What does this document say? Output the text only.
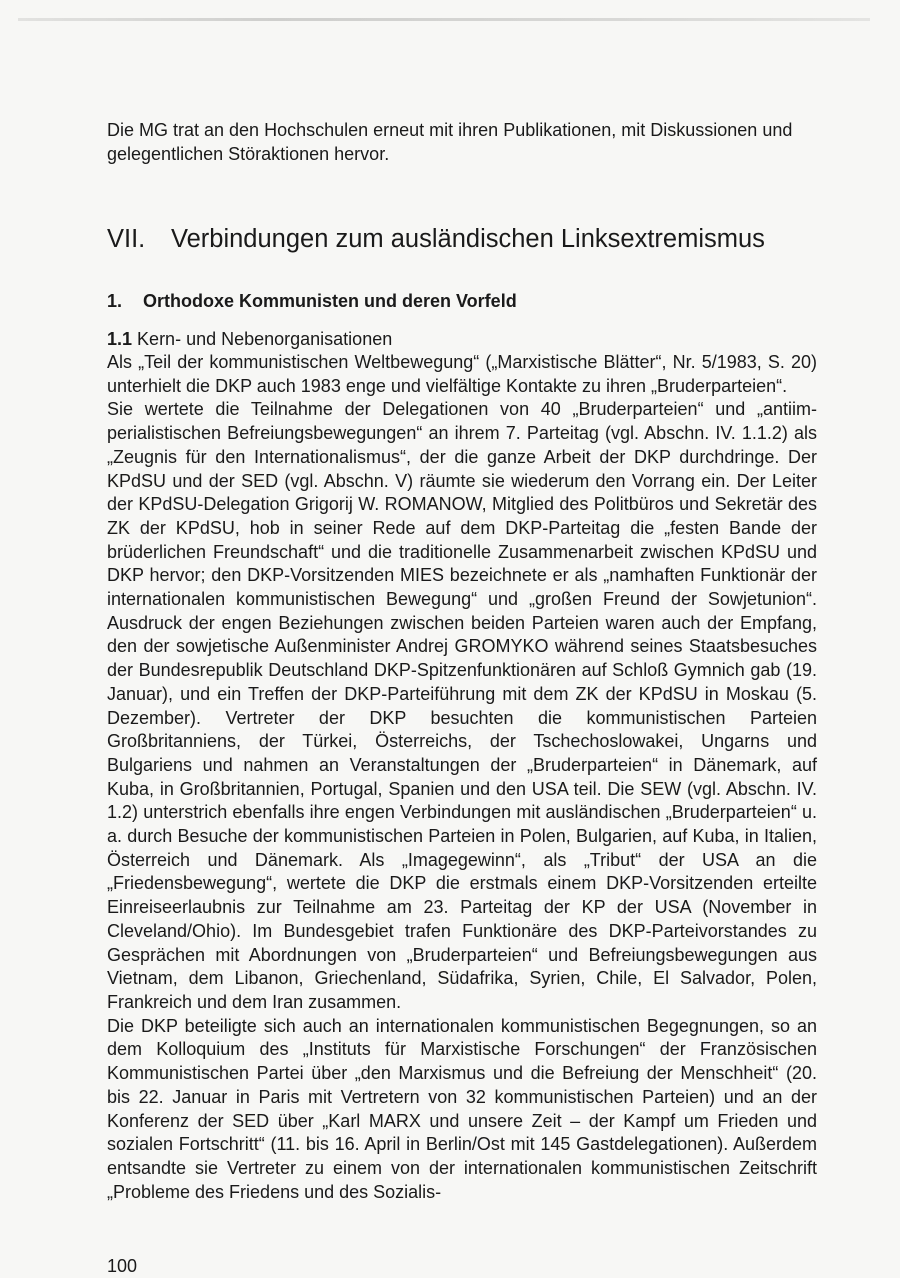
Die MG trat an den Hochschulen erneut mit ihren Publikationen, mit Diskussionen und gelegentlichen Störaktionen hervor.
VII. Verbindungen zum ausländischen Linksextremismus
1. Orthodoxe Kommunisten und deren Vorfeld
1.1 Kern- und Nebenorganisationen

Als „Teil der kommunistischen Weltbewegung“ („Marxistische Blätter“, Nr. 5/1983, S. 20) unterhielt die DKP auch 1983 enge und vielfältige Kontakte zu ihren „Bruderparteien“.

Sie wertete die Teilnahme der Delegationen von 40 „Bruderparteien“ und „antiimperialistischen Befreiungsbewegungen“ an ihrem 7. Parteitag (vgl. Abschn. IV. 1.1.2) als „Zeugnis für den Internationalismus“, der die ganze Arbeit der DKP durchdringe. Der KPdSU und der SED (vgl. Abschn. V) räumte sie wiederum den Vorrang ein. Der Leiter der KPdSU-Delegation Grigorij W. ROMANOW, Mitglied des Politbüros und Sekretär des ZK der KPdSU, hob in seiner Rede auf dem DKP-Parteitag die „festen Bande der brüderlichen Freundschaft“ und die traditionelle Zusammenarbeit zwischen KPdSU und DKP hervor; den DKP-Vorsitzenden MIES bezeichnete er als „namhaften Funktionär der internationalen kommunistischen Bewegung“ und „großen Freund der Sowjetunion“. Ausdruck der engen Beziehungen zwischen beiden Parteien waren auch der Empfang, den der sowjetische Außenminister Andrej GROMYKO während seines Staatsbesuches der Bundesrepublik Deutschland DKP-Spitzenfunktionären auf Schloß Gymnich gab (19. Januar), und ein Treffen der DKP-Parteiführung mit dem ZK der KPdSU in Moskau (5. Dezember). Vertreter der DKP besuchten die kommunistischen Parteien Großbritanniens, der Türkei, Österreichs, der Tschechoslowakei, Ungarns und Bulgariens und nahmen an Veranstaltungen der „Bruderparteien“ in Dänemark, auf Kuba, in Großbritannien, Portugal, Spanien und den USA teil. Die SEW (vgl. Abschn. IV. 1.2) unterstrich ebenfalls ihre engen Verbindungen mit ausländischen „Bruderparteien“ u. a. durch Besuche der kommunistischen Parteien in Polen, Bulgarien, auf Kuba, in Italien, Österreich und Dänemark. Als „Imagegewinn“, als „Tribut“ der USA an die „Friedensbewegung“, wertete die DKP die erstmals einem DKP-Vorsitzenden erteilte Einreiseerlaubnis zur Teilnahme am 23. Parteitag der KP der USA (November in Cleveland/Ohio). Im Bundesgebiet trafen Funktionäre des DKP-Parteivorstandes zu Gesprächen mit Abordnungen von „Bruderparteien“ und Befreiungsbewegungen aus Vietnam, dem Libanon, Griechenland, Südafrika, Syrien, Chile, El Salvador, Polen, Frankreich und dem Iran zusammen.

Die DKP beteiligte sich auch an internationalen kommunistischen Begegnungen, so an dem Kolloquium des „Instituts für Marxistische Forschungen“ der Französischen Kommunistischen Partei über „den Marxismus und die Befreiung der Menschheit“ (20. bis 22. Januar in Paris mit Vertretern von 32 kommunistischen Parteien) und an der Konferenz der SED über „Karl MARX und unsere Zeit – der Kampf um Frieden und sozialen Fortschritt“ (11. bis 16. April in Berlin/Ost mit 145 Gastdelegationen). Außerdem entsandte sie Vertreter zu einem von der internationalen kommunistischen Zeitschrift „Probleme des Friedens und des Sozialis-

100
